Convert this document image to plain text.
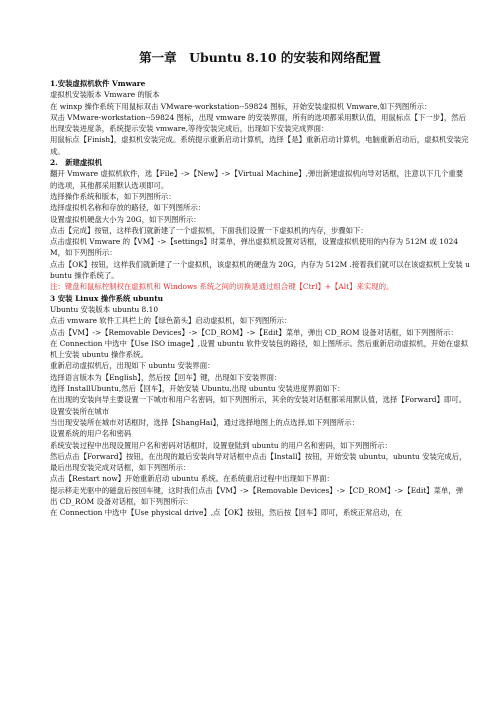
第一章　Ubuntu 8.10 的安装和网络配置

1.安装虚拟机软件 Vmware

虚拟机安装版本 Vmware 的版本

在 winxp 操作系统下用鼠标双击 VMware-workstation--59824 图标，开始安装虚拟机 Vmware,如下列图所示：

双击 VMware-workstation--59824 图标，出现 vmware 的安装界面，所有的选项都采用默认值，用鼠标点【下一步】，然后出现安装进度条，系统提示安装 vmware,等待安装完成后，出现如下安装完成界面：

用鼠标点【Finish】，虚拟机安装完成。系统提示重新启动计算机，选择【是】重新启动计算机，电脑重新启动后，虚拟机安装完成。

2.　新建虚拟机

翻开 Vmware 虚拟机软件，选【File】->【New】->【Virtual Machine】,弹出新建虚拟机向导对话框，注意以下几个重要的选项，其他都采用默认选项即可。

选择操作系统和版本，如下列图所示：

选择虚拟机名称和存放的路径，如下列图所示：

设置虚拟机硬盘大小为 20G，如下列图所示：

点击【完成】按钮，这样我们就新建了一个虚拟机，下面我们设置一下虚拟机的内存，步骤如下：

点击虚拟机 Vmware 的【VM】->【settings】时菜单，弹出虚拟机设置对话框，设置虚拟机使用的内存为 512M 或 1024M，如下列图所示：

点击【OK】按钮，这样我们就新建了一个虚拟机，该虚拟机的硬盘为 20G，内存为 512M .接着我们就可以在该虚拟机上安装 ubuntu 操作系统了。

注：键盘和鼠标控制权在虚拟机和 Windows 系统之间的切换是通过组合键【Ctrl】+【Alt】来实现的。

3 安装 Linux 操作系统 ubuntu

Ubuntu 安装版本 ubuntu 8.10

点击 vmware 软件工具栏上的【绿色箭头】启动虚拟机，如下列图所示：

点击【VM】->【Removable Devices】->【CD_ROM】->【Edit】菜单，弹出 CD_ROM 设备对话框，如下列图所示：

在 Connection 中选中【Use ISO image】,设置 ubuntu 软件安装包的路径，如上图所示。然后重新启动虚拟机，开始在虚拟机上安装 ubuntu 操作系统。

重新启动虚拟机后，出现如下 ubuntu 安装界面：

选择语言版本为【English】，然后按【回车】键，出现如下安装界面：

选择 InstallUbuntu,然后【回车】，开始安装 Ubuntu,出现 ubuntu 安装进度界面如下：

在出现的安装向导主要设置一下城市和用户名密码，如下列图所示，其余的安装对话框都采用默认值，选择【Forward】即可。

设置安装所在城市

当出现安装所在城市对话框时，选择【ShangHai】，通过选择地图上的点选择,如下列图所示：

设置系统的用户名和密码

系统安装过程中出现设置用户名和密码对话框时，设置登陆到 ubuntu 的用户名和密码，如下列图所示：

然后点击【Forward】按钮，在出现的最后安装向导对话框中点击【Install】按钮，开始安装 ubuntu，ubuntu 安装完成后，最后出现安装完成对话框，如下列图所示：

点击【Restart now】开始重新启动 ubuntu 系统。在系统重启过程中出现如下界面：

提示移走光驱中的磁盘后按回车键，这时我们点击【VM】->【Removable Devices】->【CD_ROM】->【Edit】菜单，弹出 CD_ROM 设备对话框，如下列图所示：

在 Connection 中选中【Use physical drive】,点【OK】按钮，然后按【回车】即可，系统正常启动，在
